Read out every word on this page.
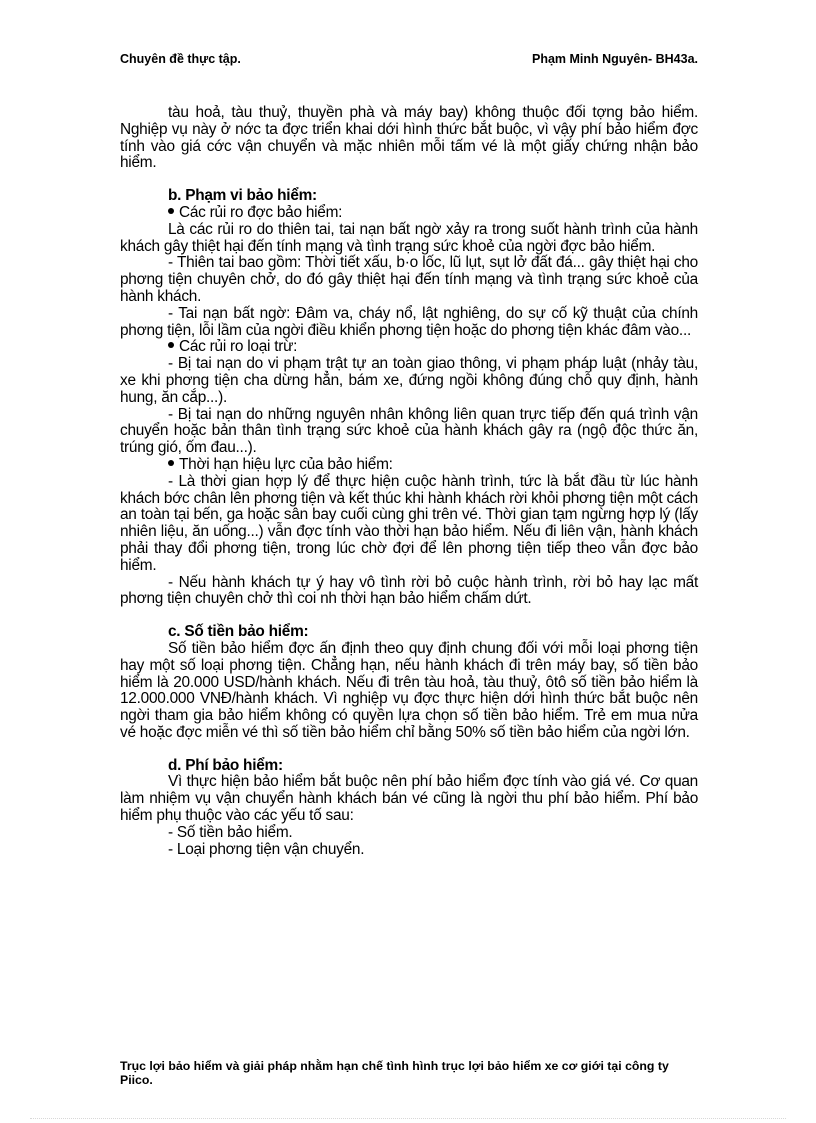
Chuyên đề thực tập.	Phạm Minh Nguyên- BH43a.

tàu hoả, tàu thuỷ, thuyền phà và máy bay) không thuộc đối tợng bảo hiểm. Nghiệp vụ này ở nớc ta đợc triển khai dới hình thức bắt buộc, vì vậy phí bảo hiểm đợc tính vào giá cớc vận chuyển và mặc nhiên mỗi tấm vé là một giấy chứng nhận bảo hiểm.

b. Phạm vi bảo hiểm:

Các rủi ro đợc bảo hiểm:

Là các rủi ro do thiên tai, tai nạn bất ngờ xảy ra trong suốt hành trình của hành khách gây thiệt hại đến tính mạng và tình trạng sức khoẻ của ngời đợc bảo hiểm.

- Thiên tai bao gồm: Thời tiết xấu, b·o lốc, lũ lụt, sụt lở đất đá... gây thiệt hại cho phơng tiện chuyên chở, do đó gây thiệt hại đến tính mạng và tình trạng sức khoẻ của hành khách.

- Tai nạn bất ngờ: Đâm va, cháy nổ, lật nghiêng, do sự cố kỹ thuật của chính phơng tiện, lỗi lầm của ngời điều khiển phơng tiện hoặc do phơng tiện khác đâm vào...

Các rủi ro loại trừ:

- Bị tai nạn do vi phạm trật tự an toàn giao thông, vi phạm pháp luật (nhảy tàu, xe khi phơng tiện cha dừng hẳn, bám xe, đứng ngồi không đúng chỗ quy định, hành hung, ăn cắp...).

- Bị tai nạn do những nguyên nhân không liên quan trực tiếp đến quá trình vận chuyển hoặc bản thân tình trạng sức khoẻ của hành khách gây ra (ngộ độc thức ăn, trúng gió, ốm đau...).

Thời hạn hiệu lực của bảo hiểm:

- Là thời gian hợp lý để thực hiện cuộc hành trình, tức là bắt đầu từ lúc hành khách bớc chân lên phơng tiện và kết thúc khi hành khách rời khỏi phơng tiện một cách an toàn tại bến, ga hoặc sân bay cuối cùng ghi trên vé. Thời gian tạm ngừng hợp lý (lấy nhiên liệu, ăn uống...) vẫn đợc tính vào thời hạn bảo hiểm. Nếu đi liên vận, hành khách phải thay đổi phơng tiện, trong lúc chờ đợi để lên phơng tiện tiếp theo vẫn đợc bảo hiểm.

- Nếu hành khách tự ý hay vô tình rời bỏ cuộc hành trình, rời bỏ hay lạc mất phơng tiện chuyên chở thì coi nh thời hạn bảo hiểm chấm dứt.

c. Số tiền bảo hiểm:

Số tiền bảo hiểm đợc ấn định theo quy định chung đối với mỗi loại phơng tiện hay một số loại phơng tiện. Chẳng hạn, nếu hành khách đi trên máy bay, số tiền bảo hiểm là 20.000 USD/hành khách. Nếu đi trên tàu hoả, tàu thuỷ, ôtô số tiền bảo hiểm là 12.000.000 VNĐ/hành khách. Vì nghiệp vụ đợc thực hiện dới hình thức bắt buộc nên ngời tham gia bảo hiểm không có quyền lựa chọn số tiền bảo hiểm. Trẻ em mua nửa vé hoặc đợc miễn vé thì số tiền bảo hiểm chỉ bằng 50% số tiền bảo hiểm của ngời lớn.

d. Phí bảo hiểm:

Vì thực hiện bảo hiểm bắt buộc nên phí bảo hiểm đợc tính vào giá vé. Cơ quan làm nhiệm vụ vận chuyển hành khách bán vé cũng là ngời thu phí bảo hiểm. Phí bảo hiểm phụ thuộc vào các yếu tố sau:

- Số tiền bảo hiểm.

- Loại phơng tiện vận chuyển.

Trục lợi bảo hiểm và giải pháp nhằm hạn chế tình hình trục lợi bảo hiểm xe cơ giới tại công ty Piico.
